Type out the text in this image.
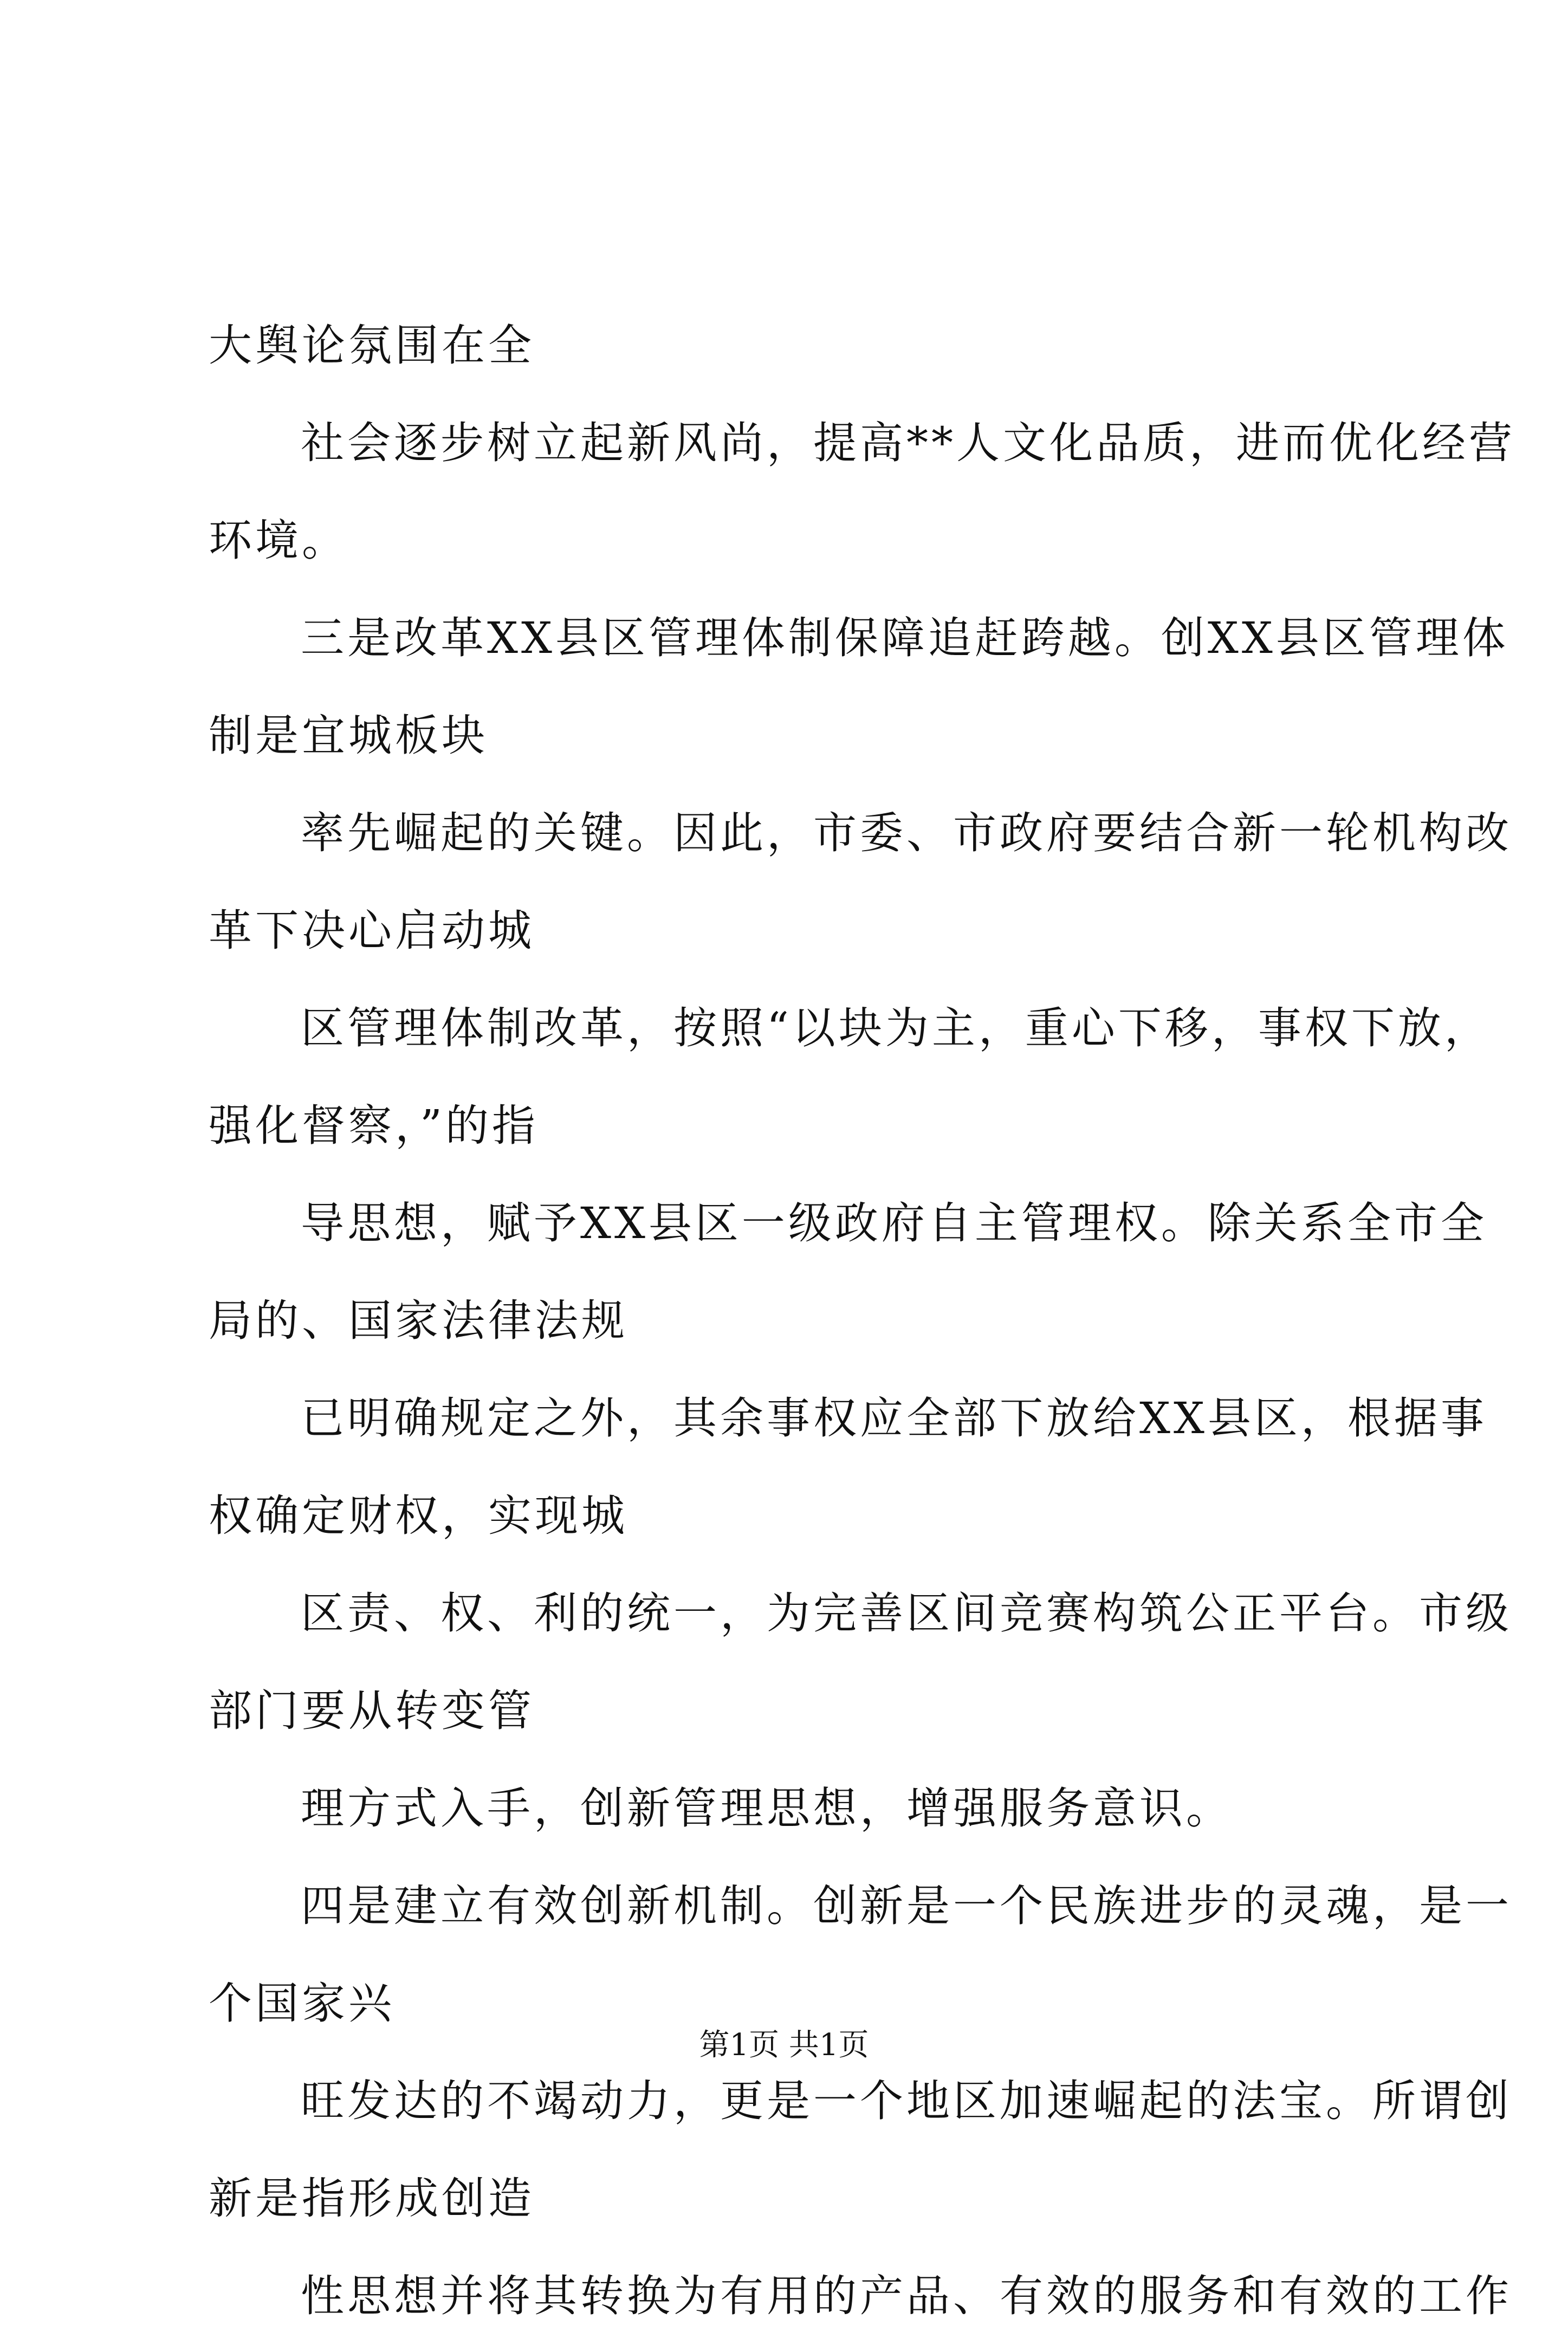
大舆论氛围在全
社会逐步树立起新风尚，提高**人文化品质，进而优化经营
环境。
三是改革XX县区管理体制保障追赶跨越。创XX县区管理体
制是宜城板块
率先崛起的关键。因此，市委、市政府要结合新一轮机构改
革下决心启动城
区管理体制改革，按照“以块为主，重心下移，事权下放，
强化督察，”的指
导思想，赋予XX县区一级政府自主管理权。除关系全市全
局的、国家法律法规
已明确规定之外，其余事权应全部下放给XX县区，根据事
权确定财权，实现城
区责、权、利的统一，为完善区间竞赛构筑公正平台。市级
部门要从转变管
理方式入手，创新管理思想，增强服务意识。
四是建立有效创新机制。创新是一个民族进步的灵魂，是一
个国家兴
旺发达的不竭动力，更是一个地区加速崛起的法宝。所谓创
新是指形成创造
性思想并将其转换为有用的产品、有效的服务和有效的工作
第1页 共1页
